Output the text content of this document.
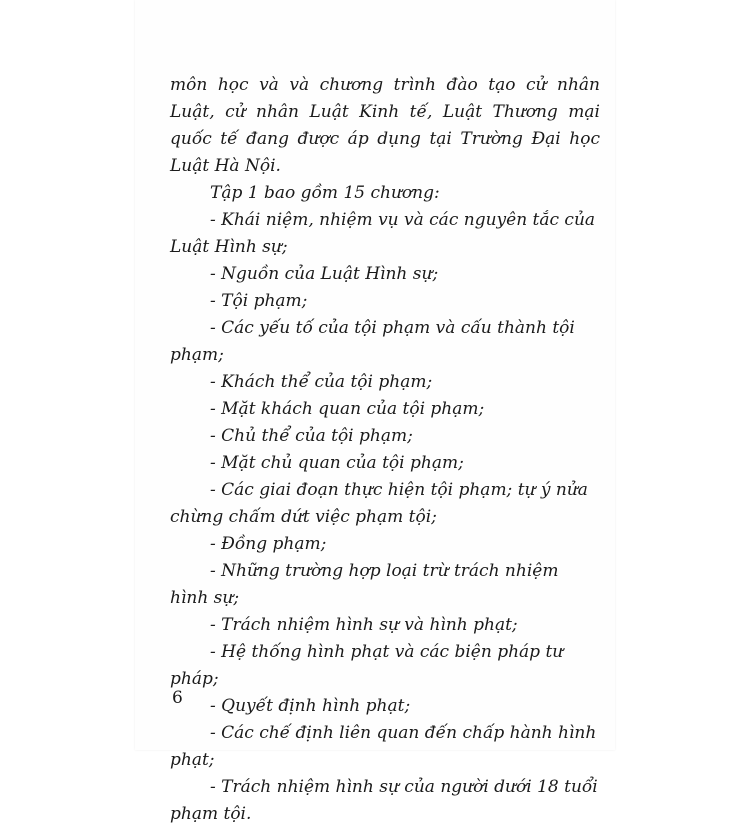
môn học và và chương trình đào tạo cử nhân Luật, cử nhân Luật Kinh tế, Luật Thương mại quốc tế đang được áp dụng tại Trường Đại học Luật Hà Nội.

Tập 1 bao gồm 15 chương:

- Khái niệm, nhiệm vụ và các nguyên tắc của Luật Hình sự;

- Nguồn của Luật Hình sự;

- Tội phạm;

- Các yếu tố của tội phạm và cấu thành tội phạm;

- Khách thể của tội phạm;

- Mặt khách quan của tội phạm;

- Chủ thể của tội phạm;

- Mặt chủ quan của tội phạm;

- Các giai đoạn thực hiện tội phạm; tự ý nửa chừng chấm dứt việc phạm tội;

- Đồng phạm;

- Những trường hợp loại trừ trách nhiệm hình sự;

- Trách nhiệm hình sự và hình phạt;

- Hệ thống hình phạt và các biện pháp tư pháp;

- Quyết định hình phạt;

- Các chế định liên quan đến chấp hành hình phạt;

- Trách nhiệm hình sự của người dưới 18 tuổi phạm tội.

6
